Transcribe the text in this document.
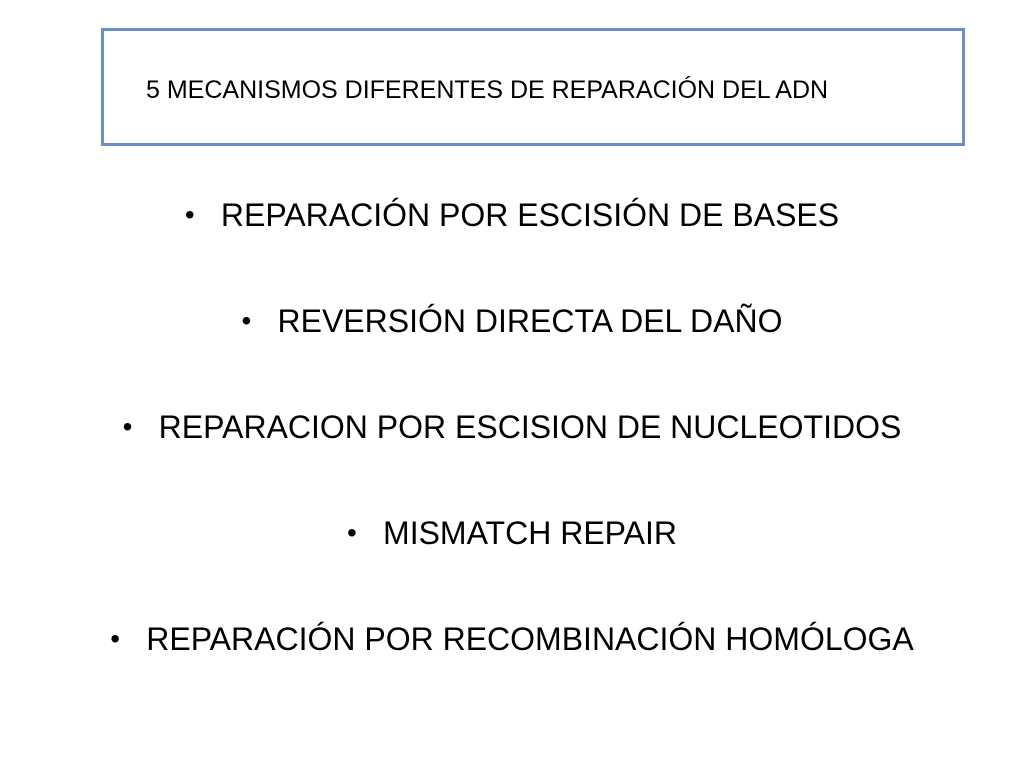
5 MECANISMOS DIFERENTES DE REPARACIÓN DEL ADN
• REPARACIÓN POR ESCISIÓN DE BASES
• REVERSIÓN DIRECTA DEL DAÑO
• REPARACION POR ESCISION DE NUCLEOTIDOS
• MISMATCH REPAIR
• REPARACIÓN POR RECOMBINACIÓN HOMÓLOGA
